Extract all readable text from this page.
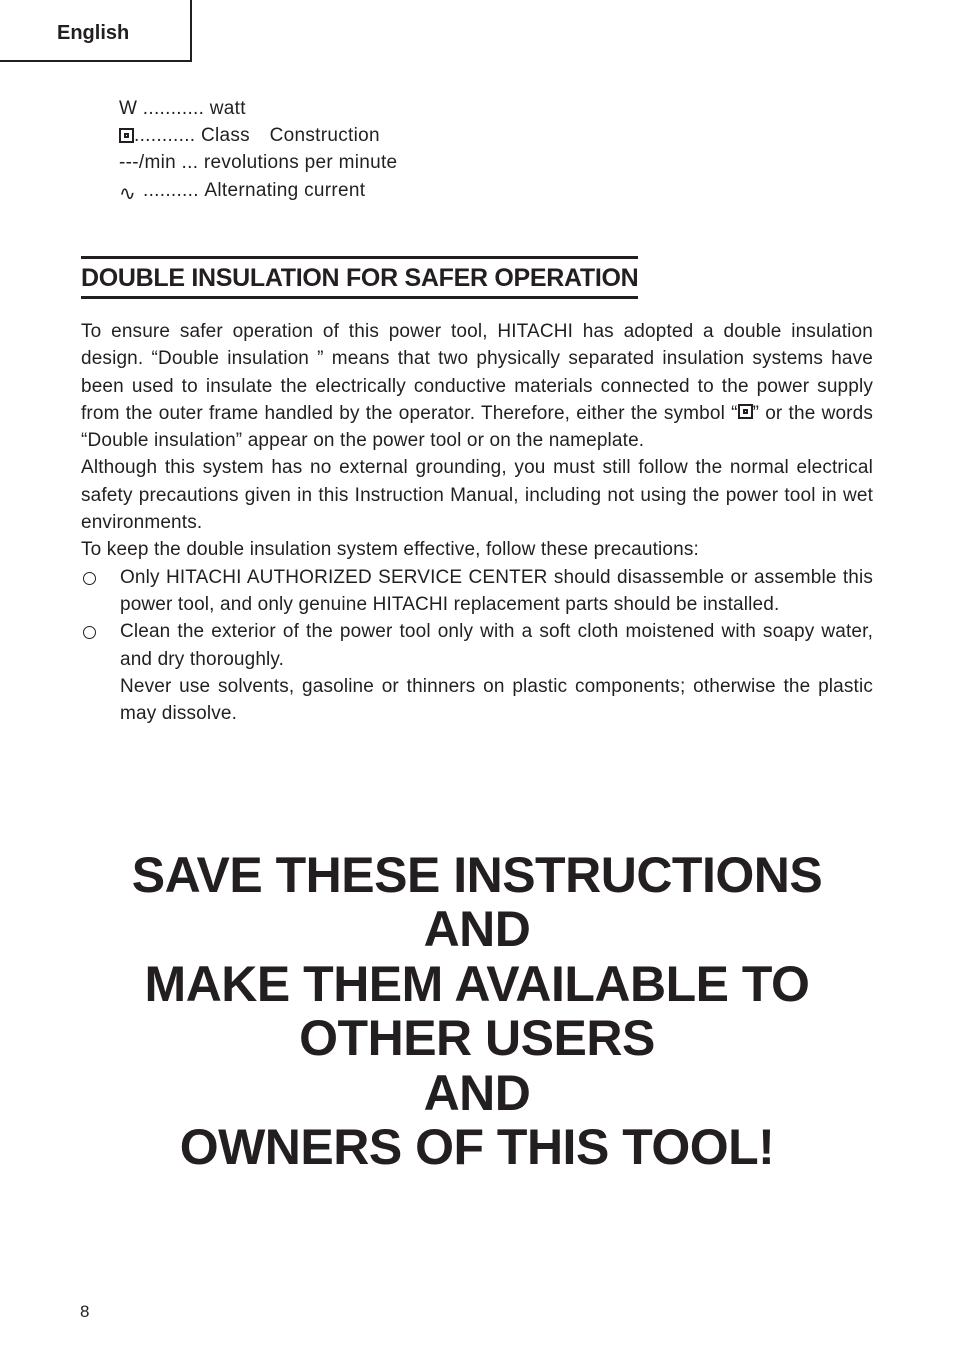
English
W ...........
watt
...........
Class  Construction
---/min ...
revolutions per minute
∿ ..........
Alternating current
DOUBLE INSULATION FOR SAFER OPERATION

To ensure safer operation of this power tool, HITACHI has adopted a double insulation design. “Double insulation ” means that two physically separated insulation systems have been used to insulate the electrically conductive materials connected to the power supply from the outer frame handled by the operator. Therefore, either the symbol “ ” or the words “Double insulation” appear on the power tool or on the nameplate.

Although this system has no external grounding, you must still follow the normal electrical safety precautions given in this Instruction Manual, including not using the power tool in wet environments.

To keep the double insulation system effective, follow these precautions:

Only HITACHI AUTHORIZED SERVICE CENTER should disassemble or assemble this power tool, and only genuine HITACHI replacement parts should be installed.

Clean the exterior of the power tool only with a soft cloth moistened with soapy water, and dry thoroughly.

Never use solvents, gasoline or thinners on plastic components; otherwise the plastic may dissolve.

SAVE THESE INSTRUCTIONS
AND
MAKE THEM AVAILABLE TO
OTHER USERS
AND
OWNERS OF THIS TOOL!
8
